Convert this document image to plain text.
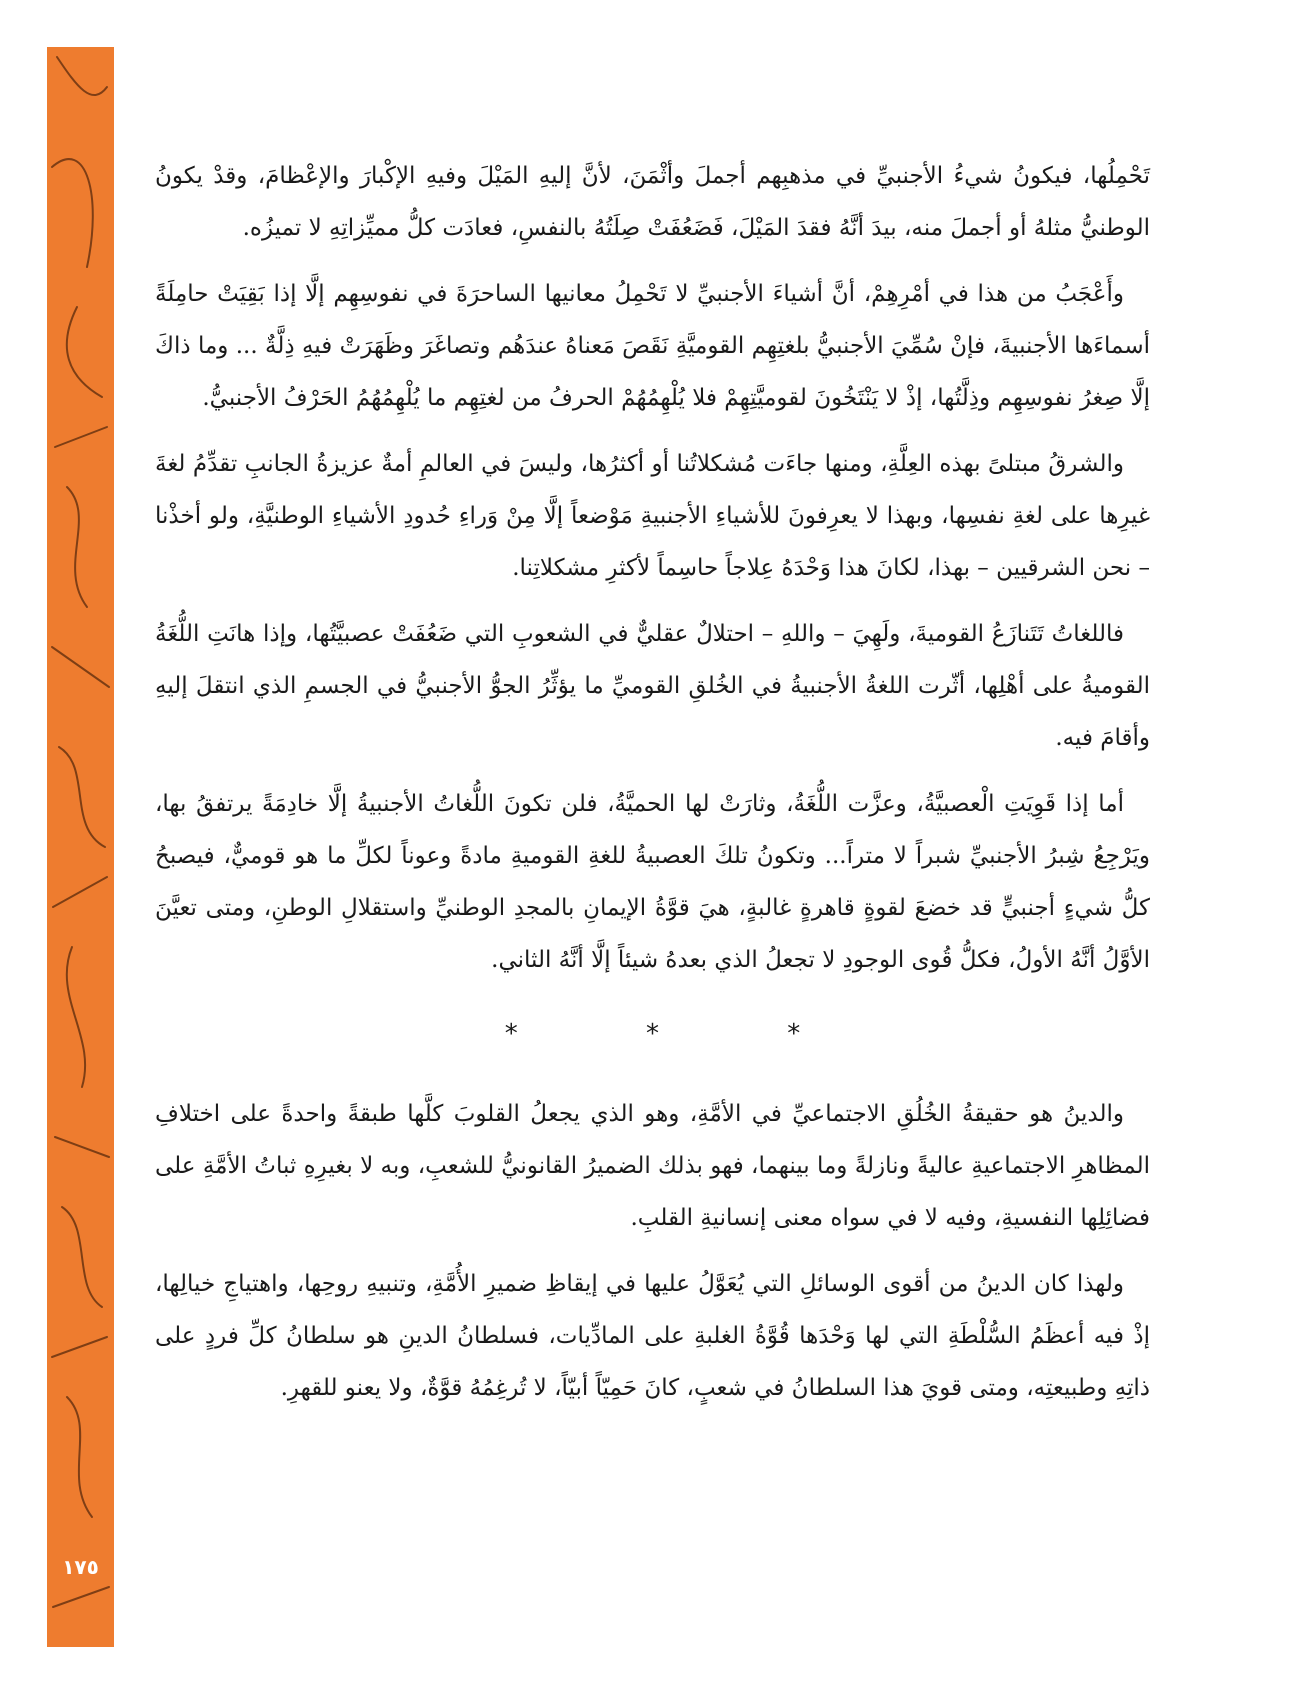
١٧٥

تَحْمِلُها، فيكونُ شيءُ الأجنبيِّ في مذهبِهم أجملَ وأثْمَنَ، لأنَّ إليهِ المَيْلَ وفيهِ الإكْبارَ والإعْظامَ، وقدْ يكونُ الوطنيُّ مثلهُ أو أجملَ منه، بيدَ أنَّهُ فقدَ المَيْلَ، فَضَعُفَتْ صِلَتُهُ بالنفسِ، فعادَت كلُّ مميِّزاتِهِ لا تميزُه.

وأَعْجَبُ من هذا في أمْرِهِمْ، أنَّ أشياءَ الأجنبيِّ لا تَحْمِلُ معانيها الساحرَةَ في نفوسِهِم إلَّا إذا بَقِيَتْ حامِلَةً أسماءَها الأجنبيةَ، فإنْ سُمِّيَ الأجنبيُّ بلغتِهِم القوميَّةِ نَقَصَ مَعناهُ عندَهُم وتصاغَرَ وظَهَرَتْ فيهِ ذِلَّةٌ ... وما ذاكَ إلَّا صِغرُ نفوسِهِم وذِلَّتُها، إذْ لا يَنْتَخُونَ لقوميَّتِهِمْ فلا يُلْهِمُهُمْ الحرفُ من لغتِهِم ما يُلْهِمُهُمُ الحَرْفُ الأجنبيُّ.

والشرقُ مبتلىً بهذه العِلَّةِ، ومنها جاءَت مُشكلاتُنا أو أكثرُها، وليسَ في العالمِ أمةٌ عزيزةُ الجانبِ تقدِّمُ لغةَ غيرِها على لغةِ نفسِها، وبهذا لا يعرِفونَ للأشياءِ الأجنبيةِ مَوْضعاً إلَّا مِنْ وَراءِ حُدودِ الأشياءِ الوطنيَّةِ، ولو أخذْنا – نحن الشرقيين – بهذا، لكانَ هذا وَحْدَهُ عِلاجاً حاسِماً لأكثرِ مشكلاتِنا.

فاللغاتُ تَتَنازَعُ القوميةَ، ولَهِيَ – واللهِ – احتلالٌ عقليٌّ في الشعوبِ التي ضَعُفَتْ عصبيَّتُها، وإذا هانَتِ اللُّغَةُ القوميةُ على أهْلِها، أثّرت اللغةُ الأجنبيةُ في الخُلقِ القوميِّ ما يؤثِّرُ الجوُّ الأجنبيُّ في الجسمِ الذي انتقلَ إليهِ وأقامَ فيه.

أما إذا قَوِيَتِ الْعصبيَّةُ، وعزَّت اللُّغَةُ، وثارَتْ لها الحميَّةُ، فلن تكونَ اللُّغاتُ الأجنبيةُ إلَّا خادِمَةً يرتفقُ بها، ويَرْجِعُ شِبرُ الأجنبيِّ شبراً لا متراً... وتكونُ تلكَ العصبيةُ للغةِ القوميةِ مادةً وعوناً لكلِّ ما هو قوميٌّ، فيصبحُ كلُّ شيءٍ أجنبيٍّ قد خضعَ لقوةٍ قاهرةٍ غالبةٍ، هيَ قوَّةُ الإيمانِ بالمجدِ الوطنيِّ واستقلالِ الوطنِ، ومتى تعيَّنَ الأوَّلُ أنَّهُ الأولُ، فكلُّ قُوى الوجودِ لا تجعلُ الذي بعدهُ شيئاً إلَّا أنَّهُ الثاني.

* * *

والدينُ هو حقيقةُ الخُلُقِ الاجتماعيِّ في الأمَّةِ، وهو الذي يجعلُ القلوبَ كلَّها طبقةً واحدةً على اختلافِ المظاهرِ الاجتماعيةِ عاليةً ونازلةً وما بينهما، فهو بذلك الضميرُ القانونيُّ للشعبِ، وبه لا بغيرِهِ ثباتُ الأمَّةِ على فضائِلِها النفسيةِ، وفيه لا في سواه معنى إنسانيةِ القلبِ.

ولهذا كان الدينُ من أقوى الوسائلِ التي يُعَوَّلُ عليها في إيقاظِ ضميرِ الأُمَّةِ، وتنبيهِ روحِها، واهتياجِ خيالِها، إذْ فيه أعظَمُ السُّلْطَةِ التي لها وَحْدَها قُوَّةُ الغلبةِ على المادِّيات، فسلطانُ الدينِ هو سلطانُ كلِّ فردٍ على ذاتِهِ وطبيعتِه، ومتى قويَ هذا السلطانُ في شعبٍ، كانَ حَمِيّاً أبيّاً، لا تُرغِمُهُ قوَّةٌ، ولا يعنو للقهرِ.
